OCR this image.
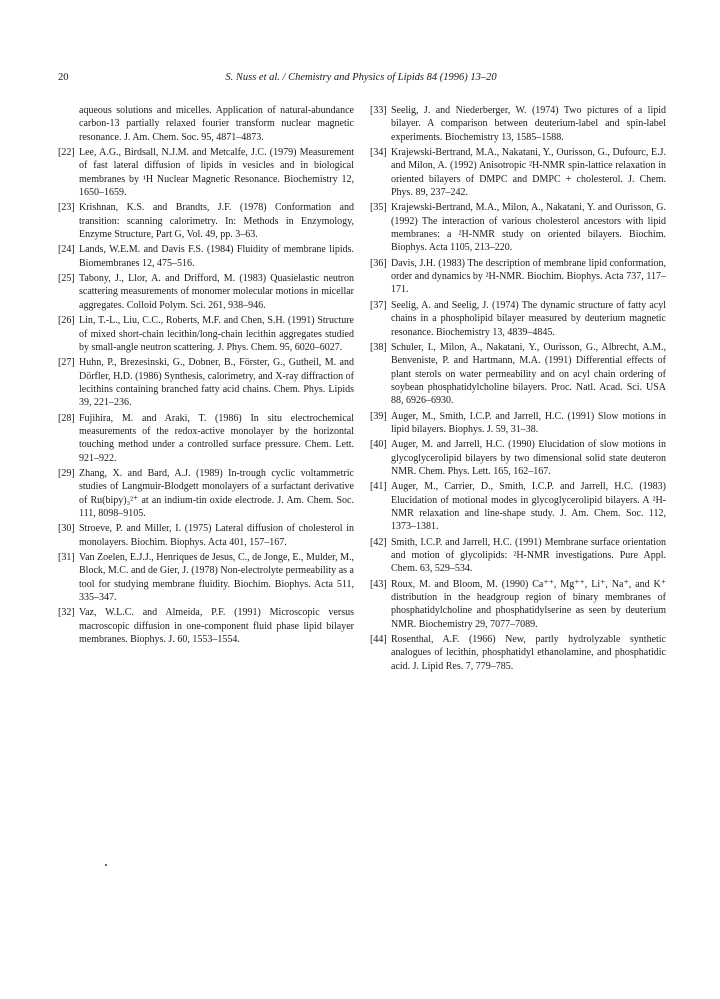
20	S. Nuss et al. / Chemistry and Physics of Lipids 84 (1996) 13–20

aqueous solutions and micelles. Application of natural-abundance carbon-13 partially relaxed fourier transform nuclear magnetic resonance. J. Am. Chem. Soc. 95, 4871–4873.

[22] Lee, A.G., Birdsall, N.J.M. and Metcalfe, J.C. (1979) Measurement of fast lateral diffusion of lipids in vesicles and in biological membranes by ¹H Nuclear Magnetic Resonance. Biochemistry 12, 1650–1659.

[23] Krishnan, K.S. and Brandts, J.F. (1978) Conformation and transition: scanning calorimetry. In: Methods in Enzymology, Enzyme Structure, Part G, Vol. 49, pp. 3–63.

[24] Lands, W.E.M. and Davis F.S. (1984) Fluidity of membrane lipids. Biomembranes 12, 475–516.

[25] Tabony, J., Llor, A. and Drifford, M. (1983) Quasielastic neutron scattering measurements of monomer molecular motions in micellar aggregates. Colloid Polym. Sci. 261, 938–946.

[26] Lin, T.-L., Liu, C.C., Roberts, M.F. and Chen, S.H. (1991) Structure of mixed short-chain lecithin/long-chain lecithin aggregates studied by small-angle neutron scattering. J. Phys. Chem. 95, 6020–6027.

[27] Huhn, P., Brezesinski, G., Dobner, B., Förster, G., Gutheil, M. and Dörfler, H.D. (1986) Synthesis, calorimetry, and X-ray diffraction of lecithins containing branched fatty acid chains. Chem. Phys. Lipids 39, 221–236.

[28] Fujihira, M. and Araki, T. (1986) In situ electrochemical measurements of the redox-active monolayer by the horizontal touching method under a controlled surface pressure. Chem. Lett. 921–922.

[29] Zhang, X. and Bard, A.J. (1989) In-trough cyclic voltammetric studies of Langmuir-Blodgett monolayers of a surfactant derivative of Ru(bipy)₃²⁺ at an indium-tin oxide electrode. J. Am. Chem. Soc. 111, 8098–9105.

[30] Stroeve, P. and Miller, I. (1975) Lateral diffusion of cholesterol in monolayers. Biochim. Biophys. Acta 401, 157–167.

[31] Van Zoelen, E.J.J., Henriques de Jesus, C., de Jonge, E., Mulder, M., Block, M.C. and de Gier, J. (1978) Non-electrolyte permeability as a tool for studying membrane fluidity. Biochim. Biophys. Acta 511, 335–347.

[32] Vaz, W.L.C. and Almeida, P.F. (1991) Microscopic versus macroscopic diffusion in one-component fluid phase lipid bilayer membranes. Biophys. J. 60, 1553–1554.

[33] Seelig, J. and Niederberger, W. (1974) Two pictures of a lipid bilayer. A comparison between deuterium-label and spin-label experiments. Biochemistry 13, 1585–1588.

[34] Krajewski-Bertrand, M.A., Nakatani, Y., Ourisson, G., Dufourc, E.J. and Milon, A. (1992) Anisotropic ²H-NMR spin-lattice relaxation in oriented bilayers of DMPC and DMPC + cholesterol. J. Chem. Phys. 89, 237–242.

[35] Krajewski-Bertrand, M.A., Milon, A., Nakatani, Y. and Ourisson, G. (1992) The interaction of various cholesterol ancestors with lipid membranes: a ²H-NMR study on oriented bilayers. Biochim. Biophys. Acta 1105, 213–220.

[36] Davis, J.H. (1983) The description of membrane lipid conformation, order and dynamics by ²H-NMR. Biochim. Biophys. Acta 737, 117–171.

[37] Seelig, A. and Seelig, J. (1974) The dynamic structure of fatty acyl chains in a phospholipid bilayer measured by deuterium magnetic resonance. Biochemistry 13, 4839–4845.

[38] Schuler, I., Milon, A., Nakatani, Y., Ourisson, G., Albrecht, A.M., Benveniste, P. and Hartmann, M.A. (1991) Differential effects of plant sterols on water permeability and on acyl chain ordering of soybean phosphatidylcholine bilayers. Proc. Natl. Acad. Sci. USA 88, 6926–6930.

[39] Auger, M., Smith, I.C.P. and Jarrell, H.C. (1991) Slow motions in lipid bilayers. Biophys. J. 59, 31–38.

[40] Auger, M. and Jarrell, H.C. (1990) Elucidation of slow motions in glycoglycerolipid bilayers by two dimensional solid state deuteron NMR. Chem. Phys. Lett. 165, 162–167.

[41] Auger, M., Carrier, D., Smith, I.C.P. and Jarrell, H.C. (1983) Elucidation of motional modes in glycoglycerolipid bilayers. A ²H-NMR relaxation and line-shape study. J. Am. Chem. Soc. 112, 1373–1381.

[42] Smith, I.C.P. and Jarrell, H.C. (1991) Membrane surface orientation and motion of glycolipids: ²H-NMR investigations. Pure Appl. Chem. 63, 529–534.

[43] Roux, M. and Bloom, M. (1990) Ca⁺⁺, Mg⁺⁺, Li⁺, Na⁺, and K⁺ distribution in the headgroup region of binary membranes of phosphatidylcholine and phosphatidylserine as seen by deuterium NMR. Biochemistry 29, 7077–7089.

[44] Rosenthal, A.F. (1966) New, partly hydrolyzable synthetic analogues of lecithin, phosphatidyl ethanolamine, and phosphatidic acid. J. Lipid Res. 7, 779–785.
